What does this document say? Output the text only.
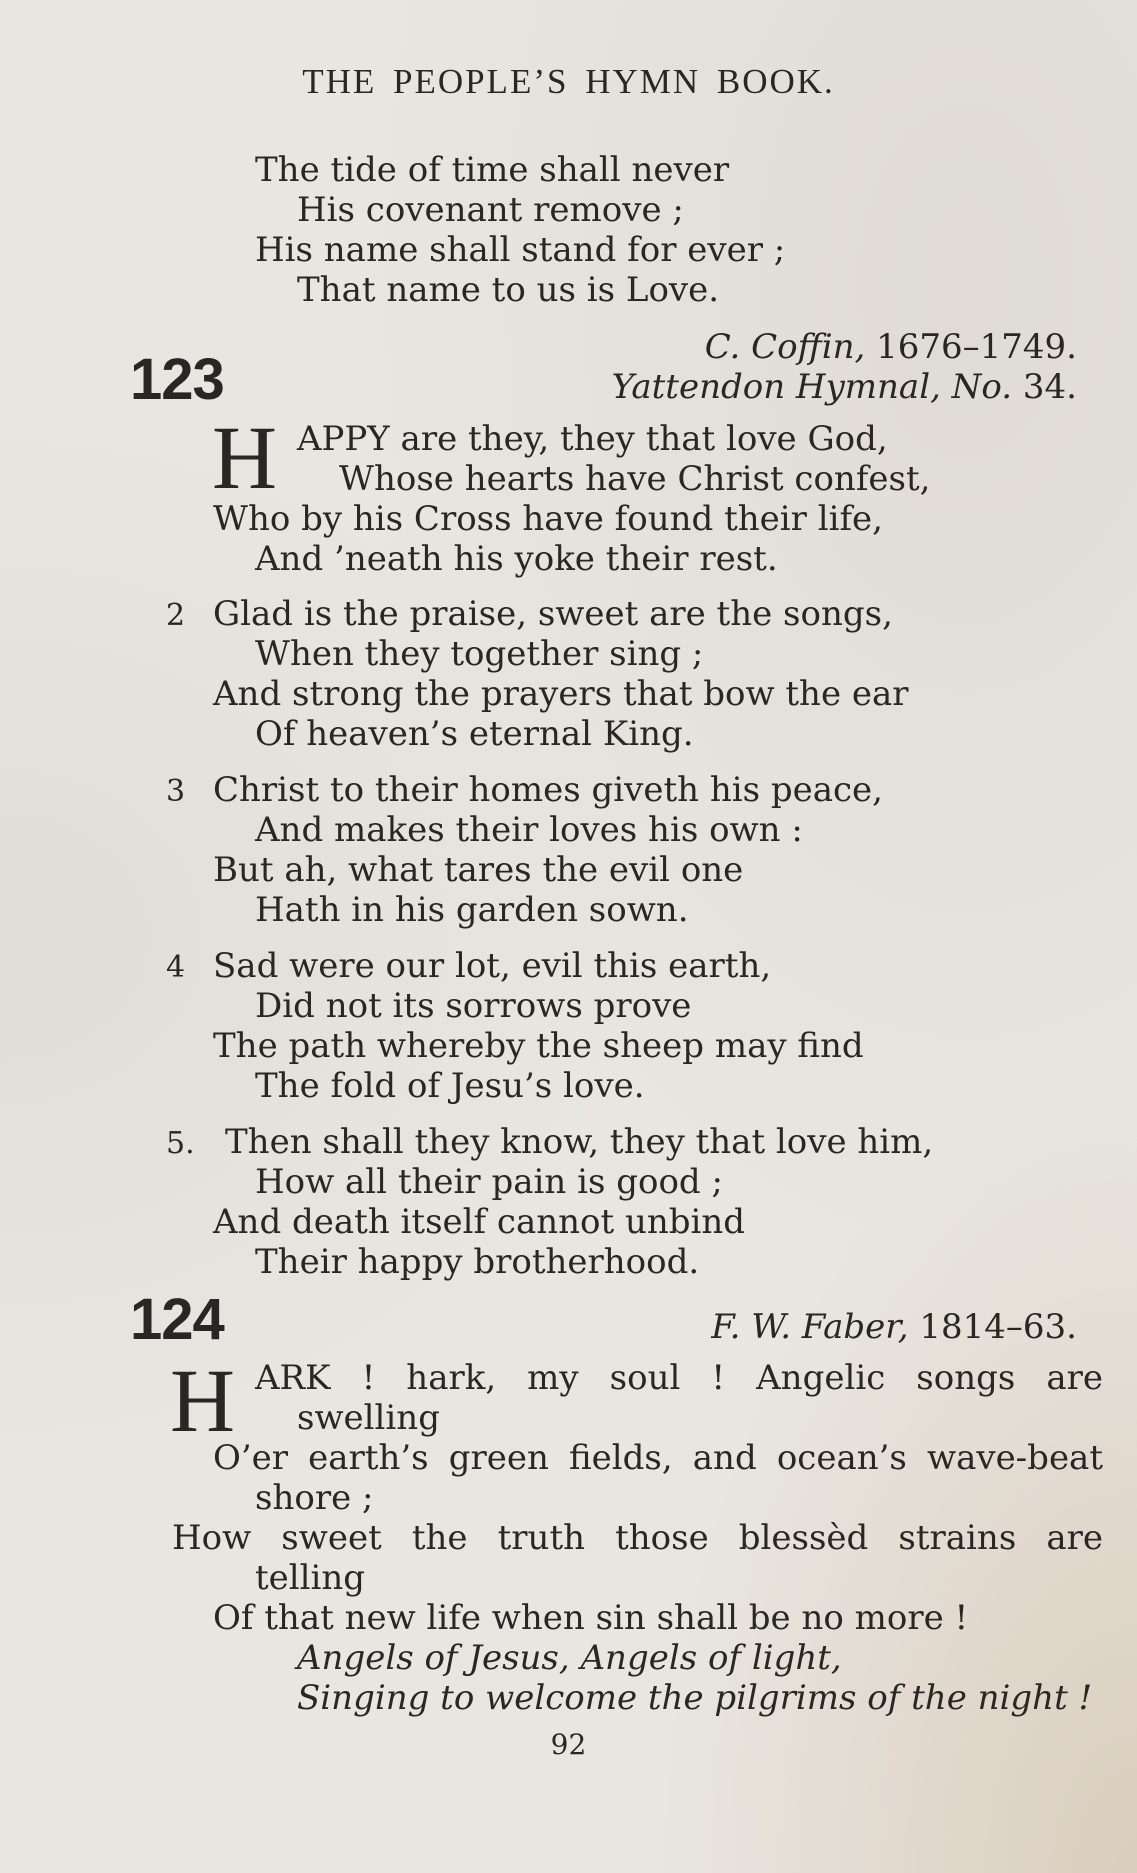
THE PEOPLE’S HYMN BOOK.
The tide of time shall never
His covenant remove ;
His name shall stand for ever ;
That name to us is Love.
123	C. Coffin, 1676–1749.
Yattendon Hymnal, No. 34.
H APPY are they, they that love God,
Whose hearts have Christ confest,
Who by his Cross have found their life,
And ’neath his yoke their rest.
2 Glad is the praise, sweet are the songs,
When they together sing ;
And strong the prayers that bow the ear
Of heaven’s eternal King.
3 Christ to their homes giveth his peace,
And makes their loves his own :
But ah, what tares the evil one
Hath in his garden sown.
4 Sad were our lot, evil this earth,
Did not its sorrows prove
The path whereby the sheep may find
The fold of Jesu’s love.
5. Then shall they know, they that love him,
How all their pain is good ;
And death itself cannot unbind
Their happy brotherhood.
124	F. W. Faber, 1814–63.
H ARK ! hark, my soul ! Angelic songs are
swelling
O’er earth’s green fields, and ocean’s wave-beat
shore ;
How sweet the truth those blessèd strains are
telling
Of that new life when sin shall be no more !
Angels of Jesus, Angels of light,
Singing to welcome the pilgrims of the night !
92
